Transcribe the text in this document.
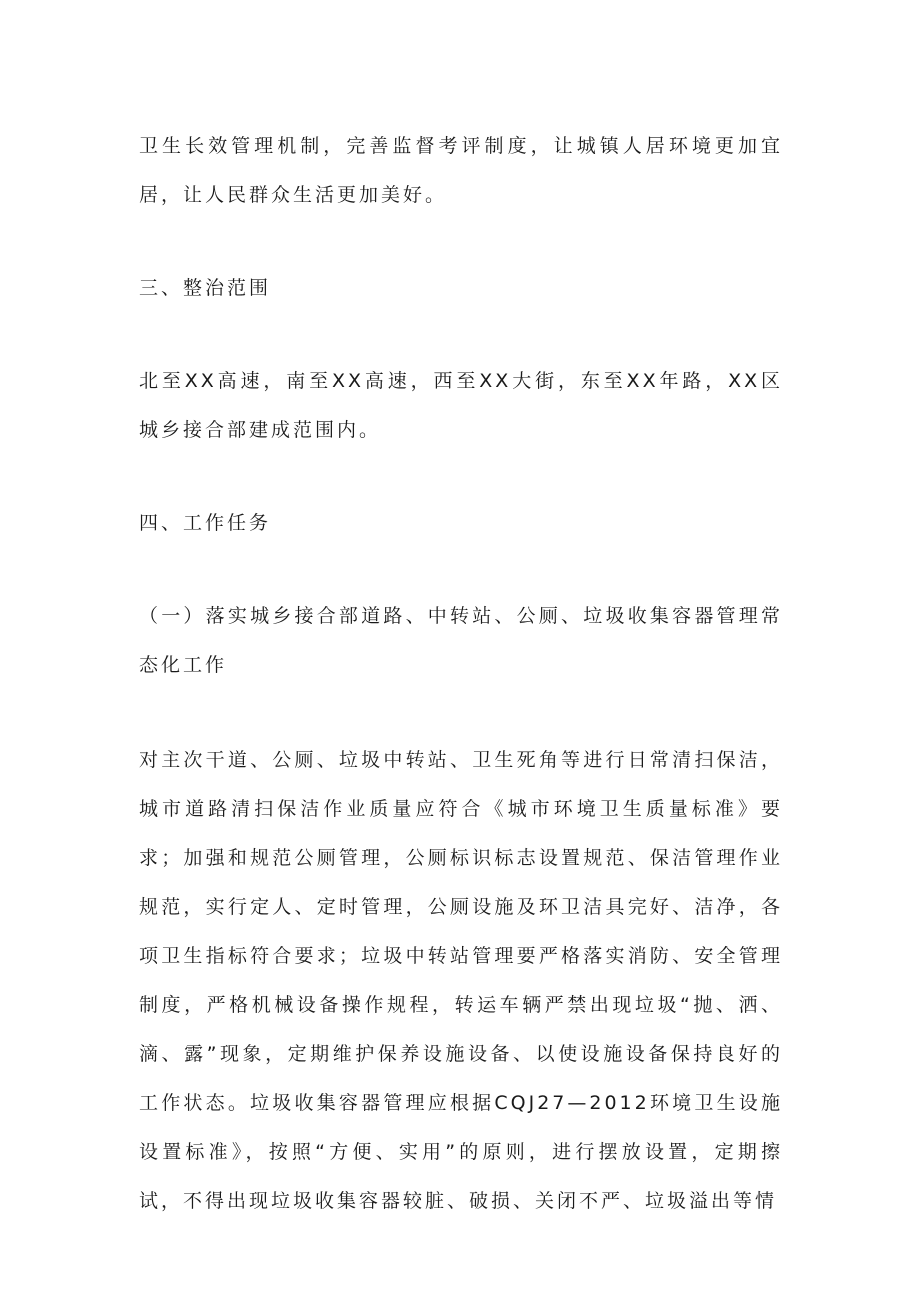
卫生长效管理机制，完善监督考评制度，让城镇人居环境更加宜居，让人民群众生活更加美好。

三、整治范围

北至XX高速，南至XX高速，西至XX大街，东至XX年路，XX区城乡接合部建成范围内。

四、工作任务

（一）落实城乡接合部道路、中转站、公厕、垃圾收集容器管理常态化工作

对主次干道、公厕、垃圾中转站、卫生死角等进行日常清扫保洁，城市道路清扫保洁作业质量应符合《城市环境卫生质量标准》要求；加强和规范公厕管理，公厕标识标志设置规范、保洁管理作业规范，实行定人、定时管理，公厕设施及环卫洁具完好、洁净，各项卫生指标符合要求；垃圾中转站管理要严格落实消防、安全管理制度，严格机械设备操作规程，转运车辆严禁出现垃圾“抛、洒、滴、露”现象，定期维护保养设施设备、以使设施设备保持良好的工作状态。垃圾收集容器管理应根据CQJ27—2012环境卫生设施设置标准》，按照“方便、实用”的原则，进行摆放设置，定期擦试，不得出现垃圾收集容器较脏、破损、关闭不严、垃圾溢出等情
